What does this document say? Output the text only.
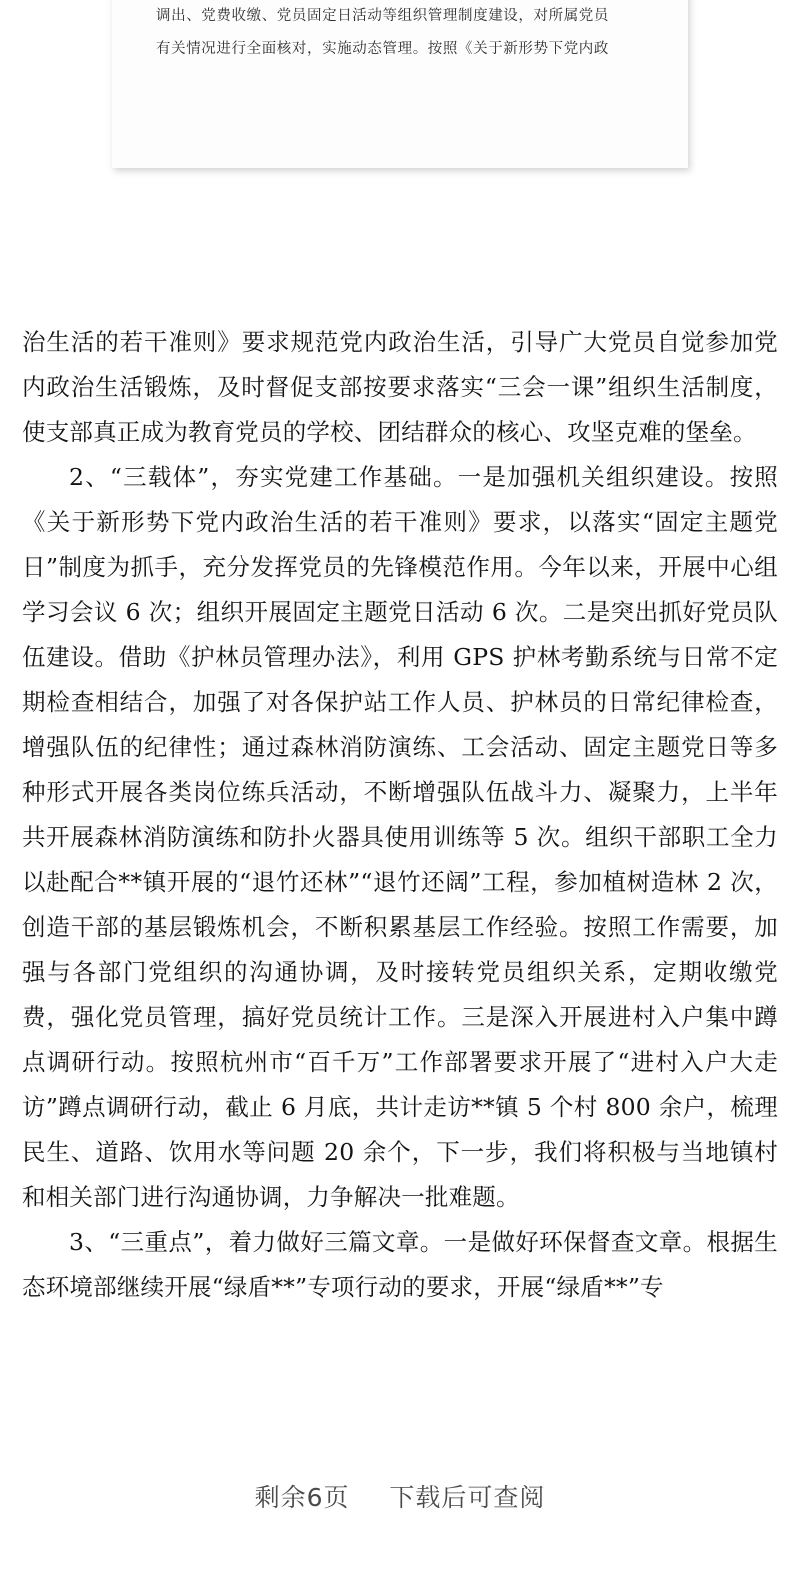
调出、党费收缴、党员固定日活动等组织管理制度建设，对所属党员
有关情况进行全面核对，实施动态管理。按照《关于新形势下党内政

治生活的若干准则》要求规范党内政治生活，引导广大党员自觉参加党内政治生活锻炼，及时督促支部按要求落实“三会一课”组织生活制度，使支部真正成为教育党员的学校、团结群众的核心、攻坚克难的堡垒。

2、“三载体”，夯实党建工作基础。一是加强机关组织建设。按照《关于新形势下党内政治生活的若干准则》要求，以落实“固定主题党日”制度为抓手，充分发挥党员的先锋模范作用。今年以来，开展中心组学习会议 6 次；组织开展固定主题党日活动 6 次。二是突出抓好党员队伍建设。借助《护林员管理办法》，利用 GPS 护林考勤系统与日常不定期检查相结合，加强了对各保护站工作人员、护林员的日常纪律检查，增强队伍的纪律性；通过森林消防演练、工会活动、固定主题党日等多种形式开展各类岗位练兵活动，不断增强队伍战斗力、凝聚力，上半年共开展森林消防演练和防扑火器具使用训练等 5 次。组织干部职工全力以赴配合**镇开展的“退竹还林”“退竹还阔”工程，参加植树造林 2 次，创造干部的基层锻炼机会，不断积累基层工作经验。按照工作需要，加强与各部门党组织的沟通协调，及时接转党员组织关系，定期收缴党费，强化党员管理，搞好党员统计工作。三是深入开展进村入户集中蹲点调研行动。按照杭州市“百千万”工作部署要求开展了“进村入户大走访”蹲点调研行动，截止 6 月底，共计走访**镇 5 个村 800 余户，梳理民生、道路、饮用水等问题 20 余个，下一步，我们将积极与当地镇村和相关部门进行沟通协调，力争解决一批难题。

3、“三重点”，着力做好三篇文章。一是做好环保督查文章。根据生态环境部继续开展“绿盾**”专项行动的要求，开展“绿盾**”专

剩余6页 下载后可查阅
